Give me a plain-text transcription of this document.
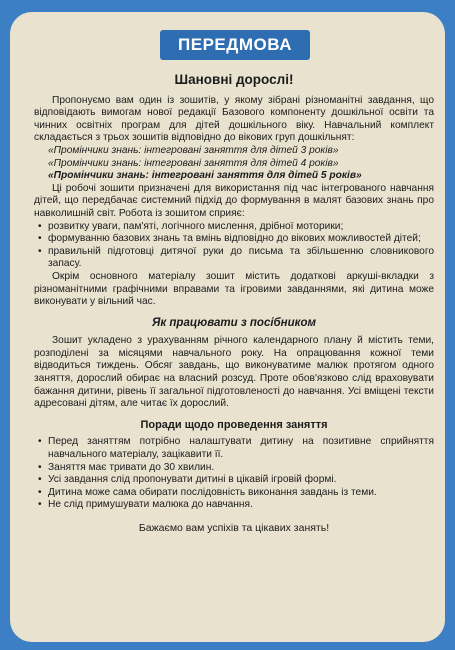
ПЕРЕДМОВА
Шановні дорослі!

Пропонуємо вам один із зошитів, у якому зібрані різноманітні завдання, що відповідають вимогам нової редакції Базового компоненту дошкільної освіти та чинних освітніх програм для дітей дошкільного віку. Навчальний комплект складається з трьох зошитів відповідно до вікових груп дошкільнят:

«Промінчики знань: інтегровані заняття для дітей 3 років»

«Промінчики знань: інтегровані заняття для дітей 4 років»

«Промінчики знань: інтегровані заняття для дітей 5 років»

Ці робочі зошити призначені для використання під час інтегрованого навчання дітей, що передбачає системний підхід до формування в малят базових знань про навколишній світ. Робота із зошитом сприяє:

• розвитку уваги, пам'яті, логічного мислення, дрібної моторики;
• формуванню базових знань та вмінь відповідно до вікових можливостей дітей;
• правильній підготовці дитячої руки до письма та збільшенню словникового запасу.

Окрім основного матеріалу зошит містить додаткові аркуші-вкладки з різноманітними графічними вправами та ігровими завданнями, які дитина може виконувати у вільний час.

Як працювати з посібником

Зошит укладено з урахуванням річного календарного плану й містить теми, розподілені за місяцями навчального року. На опрацювання кожної теми відводиться тиждень. Обсяг завдань, що виконуватиме малюк протягом одного заняття, дорослий обирає на власний розсуд. Проте обов'язково слід враховувати бажання дитини, рівень її загальної підготовленості до навчання. Усі вміщені тексти адресовані дітям, але читає їх дорослий.

Поради щодо проведення заняття
• Перед заняттям потрібно налаштувати дитину на позитивне сприйняття навчального матеріалу, зацікавити її.
• Заняття має тривати до 30 хвилин.
• Усі завдання слід пропонувати дитині в цікавій ігровій формі.
• Дитина може сама обирати послідовність виконання завдань із теми.
• Не слід примушувати малюка до навчання.
Бажаємо вам успіхів та цікавих занять!
